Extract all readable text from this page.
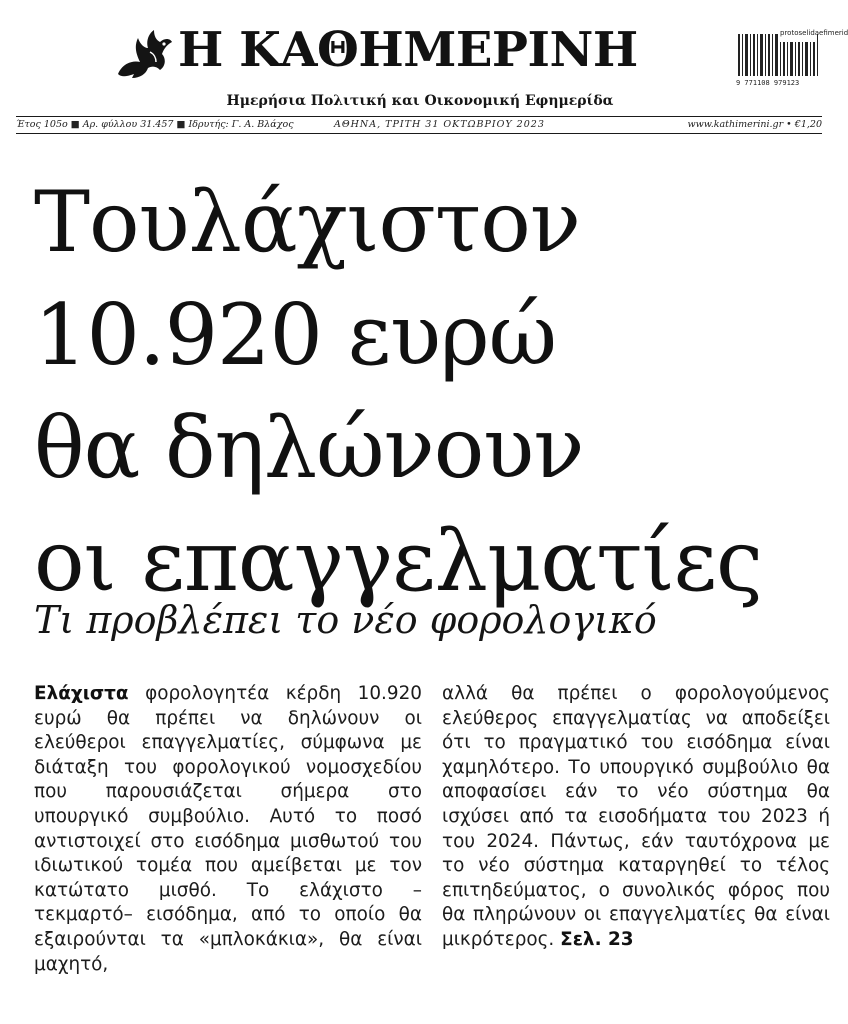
Η ΚΑΘΗΜΕΡΙΝΗ
9 771108 979123
protoselidaefimerid
Ημερήσια Πολιτική και Οικονομική Εφημερίδα
Έτος 105ο ■ Αρ. φύλλου 31.457 ■ Ιδρυτής: Γ. Α. Βλάχος	ΑΘΗΝΑ, ΤΡΙΤΗ 31 ΟΚΤΩΒΡΙΟΥ 2023	www.kathimerini.gr • €1,20
Τουλάχιστον
10.920 ευρώ
θα δηλώνουν
οι επαγγελματίες
Τι προβλέπει το νέο φορολογικό
Ελάχιστα φορολογητέα κέρδη 10.920 ευρώ θα πρέπει να δηλώνουν οι ελεύθεροι επαγγελματίες, σύμφωνα με διάταξη του φορολογικού νομοσχεδίου που παρουσιάζεται σήμερα στο υπουργικό συμβούλιο. Αυτό το ποσό αντιστοιχεί στο εισόδημα μισθωτού του ιδιωτικού τομέα που αμείβεται με τον κατώτατο μισθό. Το ελάχιστο –τεκμαρτό– εισόδημα, από το οποίο θα εξαιρούνται τα «μπλοκάκια», θα είναι μαχητό,
αλλά θα πρέπει ο φορολογούμενος ελεύθερος επαγγελματίας να αποδείξει ότι το πραγματικό του εισόδημα είναι χαμηλότερο. Το υπουργικό συμβούλιο θα αποφασίσει εάν το νέο σύστημα θα ισχύσει από τα εισοδήματα του 2023 ή του 2024. Πάντως, εάν ταυτόχρονα με το νέο σύστημα καταργηθεί το τέλος επιτηδεύματος, ο συνολικός φόρος που θα πληρώνουν οι επαγγελματίες θα είναι μικρότερος. Σελ. 23
